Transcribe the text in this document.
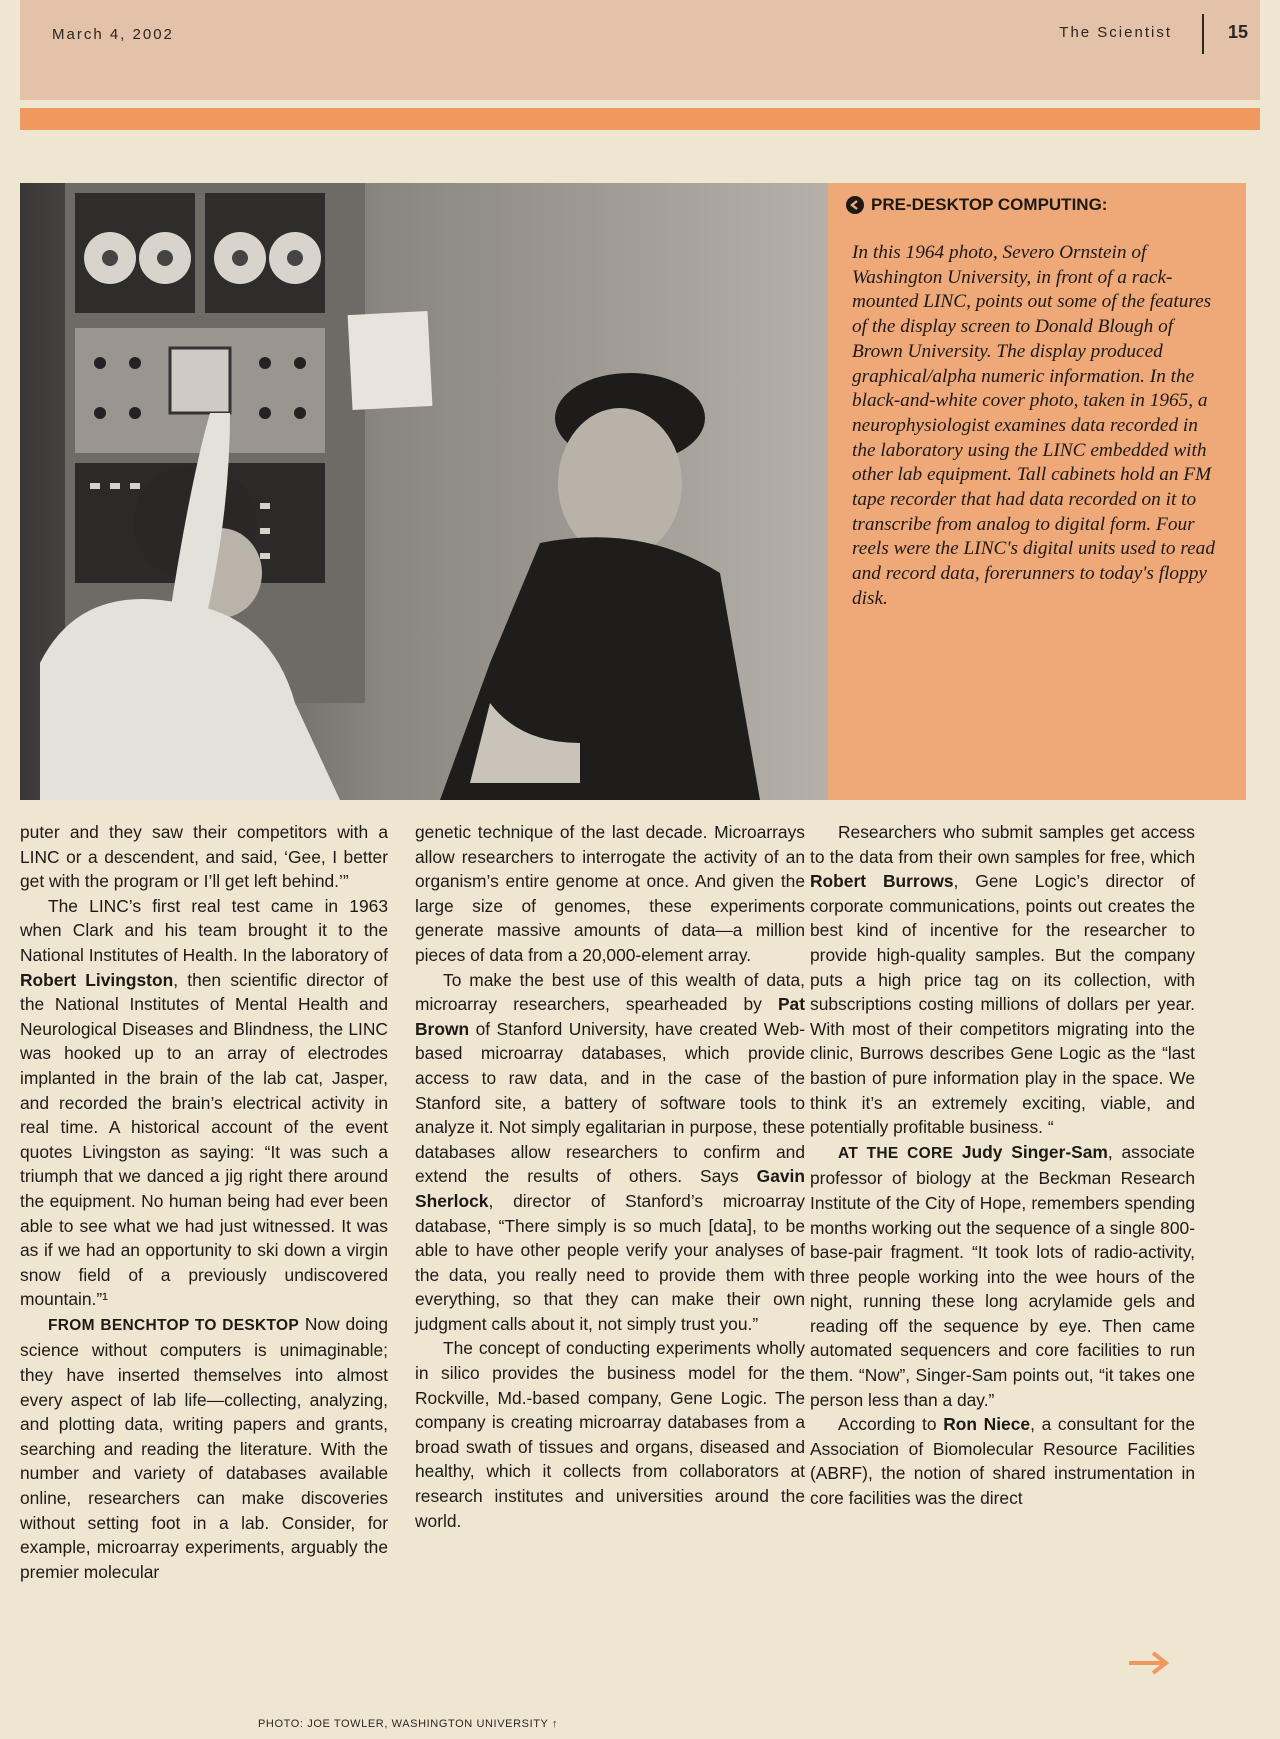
March 4, 2002	The Scientist	15
PRE-DESKTOP COMPUTING:
In this 1964 photo, Severo Ornstein of Washington University, in front of a rack-mounted LINC, points out some of the features of the display screen to Donald Blough of Brown University. The display produced graphical/alpha numeric information. In the black-and-white cover photo, taken in 1965, a neurophysiologist examines data recorded in the laboratory using the LINC embedded with other lab equipment. Tall cabinets hold an FM tape recorder that had data recorded on it to transcribe from analog to digital form. Four reels were the LINC's digital units used to read and record data, forerunners to today's floppy disk.

puter and they saw their competitors with a LINC or a descendent, and said, ‘Gee, I better get with the program or I’ll get left behind.’”

The LINC’s first real test came in 1963 when Clark and his team brought it to the National Institutes of Health. In the laboratory of Robert Livingston, then scientific director of the National Institutes of Mental Health and Neurological Diseases and Blindness, the LINC was hooked up to an array of electrodes implanted in the brain of the lab cat, Jasper, and recorded the brain’s electrical activity in real time. A historical account of the event quotes Livingston as saying: “It was such a triumph that we danced a jig right there around the equipment. No human being had ever been able to see what we had just witnessed. It was as if we had an opportunity to ski down a virgin snow field of a previously undiscovered mountain.”¹

FROM BENCHTOP TO DESKTOP Now doing science without computers is unimaginable; they have inserted themselves into almost every aspect of lab life—collecting, analyzing, and plotting data, writing papers and grants, searching and reading the literature. With the number and variety of databases available online, researchers can make discoveries without setting foot in a lab. Consider, for example, microarray experiments, arguably the premier molecular

genetic technique of the last decade. Microarrays allow researchers to interrogate the activity of an organism’s entire genome at once. And given the large size of genomes, these experiments generate massive amounts of data—a million pieces of data from a 20,000-element array.

To make the best use of this wealth of data, microarray researchers, spearheaded by Pat Brown of Stanford University, have created Web-based microarray databases, which provide access to raw data, and in the case of the Stanford site, a battery of software tools to analyze it. Not simply egalitarian in purpose, these databases allow researchers to confirm and extend the results of others. Says Gavin Sherlock, director of Stanford’s microarray database, “There simply is so much [data], to be able to have other people verify your analyses of the data, you really need to provide them with everything, so that they can make their own judgment calls about it, not simply trust you.”

The concept of conducting experiments wholly in silico provides the business model for the Rockville, Md.-based company, Gene Logic. The company is creating microarray databases from a broad swath of tissues and organs, diseased and healthy, which it collects from collaborators at research institutes and universities around the world.

Researchers who submit samples get access to the data from their own samples for free, which Robert Burrows, Gene Logic’s director of corporate communications, points out creates the best kind of incentive for the researcher to provide high-quality samples. But the company puts a high price tag on its collection, with subscriptions costing millions of dollars per year. With most of their competitors migrating into the clinic, Burrows describes Gene Logic as the “last bastion of pure information play in the space. We think it’s an extremely exciting, viable, and potentially profitable business. “

AT THE CORE Judy Singer-Sam, associate professor of biology at the Beckman Research Institute of the City of Hope, remembers spending months working out the sequence of a single 800-base-pair fragment. “It took lots of radio-activity, three people working into the wee hours of the night, running these long acrylamide gels and reading off the sequence by eye. Then came automated sequencers and core facilities to run them. “Now”, Singer-Sam points out, “it takes one person less than a day.”

According to Ron Niece, a consultant for the Association of Biomolecular Resource Facilities (ABRF), the notion of shared instrumentation in core facilities was the direct

PHOTO: JOE TOWLER, WASHINGTON UNIVERSITY ↑
